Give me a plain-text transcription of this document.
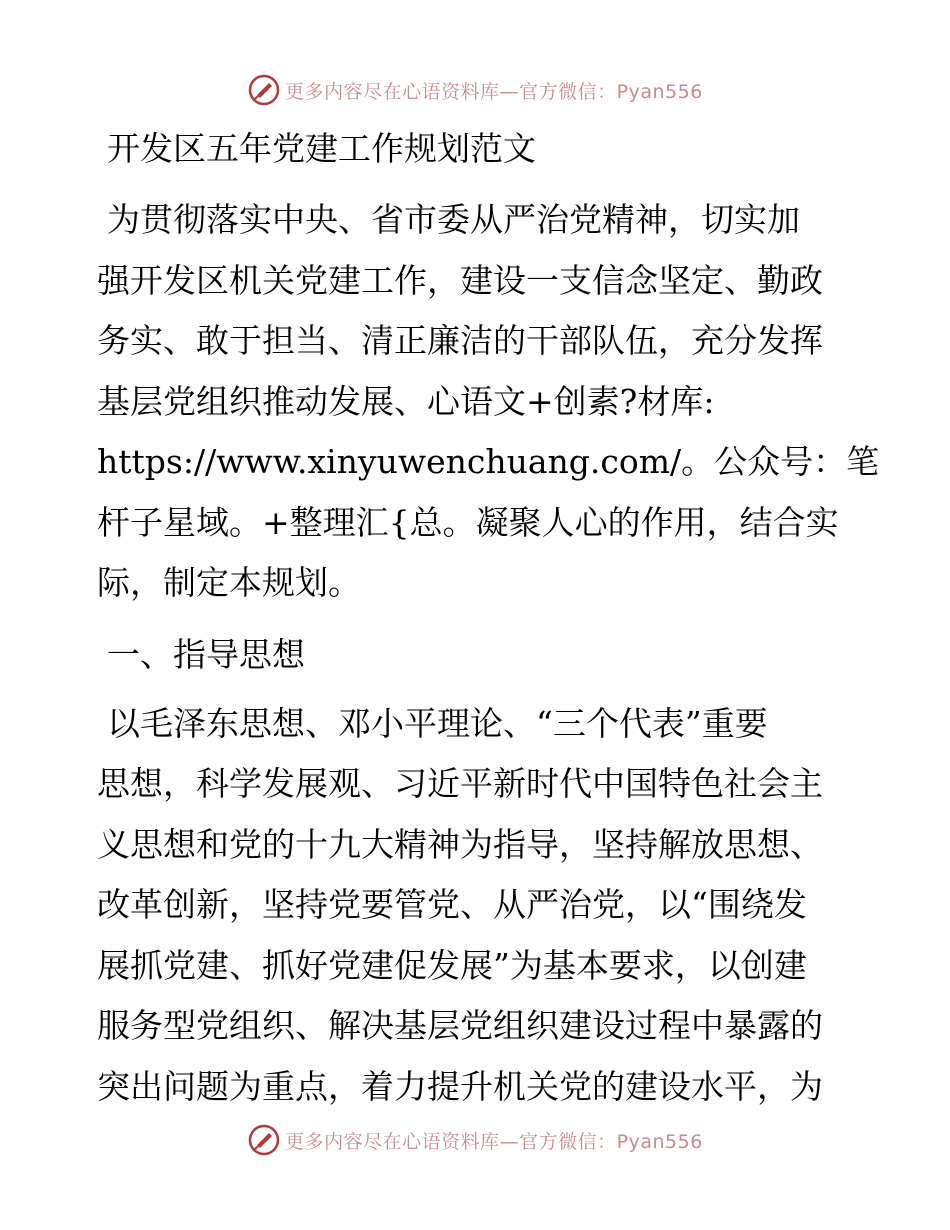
更多内容尽在心语资料库—官方微信：Pyan556
开发区五年党建工作规划范文
为贯彻落实中央、省市委从严治党精神，切实加
强开发区机关党建工作，建设一支信念坚定、勤政
务实、敢于担当、清正廉洁的干部队伍，充分发挥
基层党组织推动发展、心语文+创素?材库:
https://www.xinyuwenchuang.com/。公众号：笔
杆子星域。+整理汇{总。凝聚人心的作用，结合实
际，制定本规划。
一、指导思想
以毛泽东思想、邓小平理论、“三个代表”重要
思想，科学发展观、习近平新时代中国特色社会主
义思想和党的十九大精神为指导，坚持解放思想、
改革创新，坚持党要管党、从严治党，以“围绕发
展抓党建、抓好党建促发展”为基本要求，以创建
服务型党组织、解决基层党组织建设过程中暴露的
突出问题为重点，着力提升机关党的建设水平，为
更多内容尽在心语资料库—官方微信：Pyan556
